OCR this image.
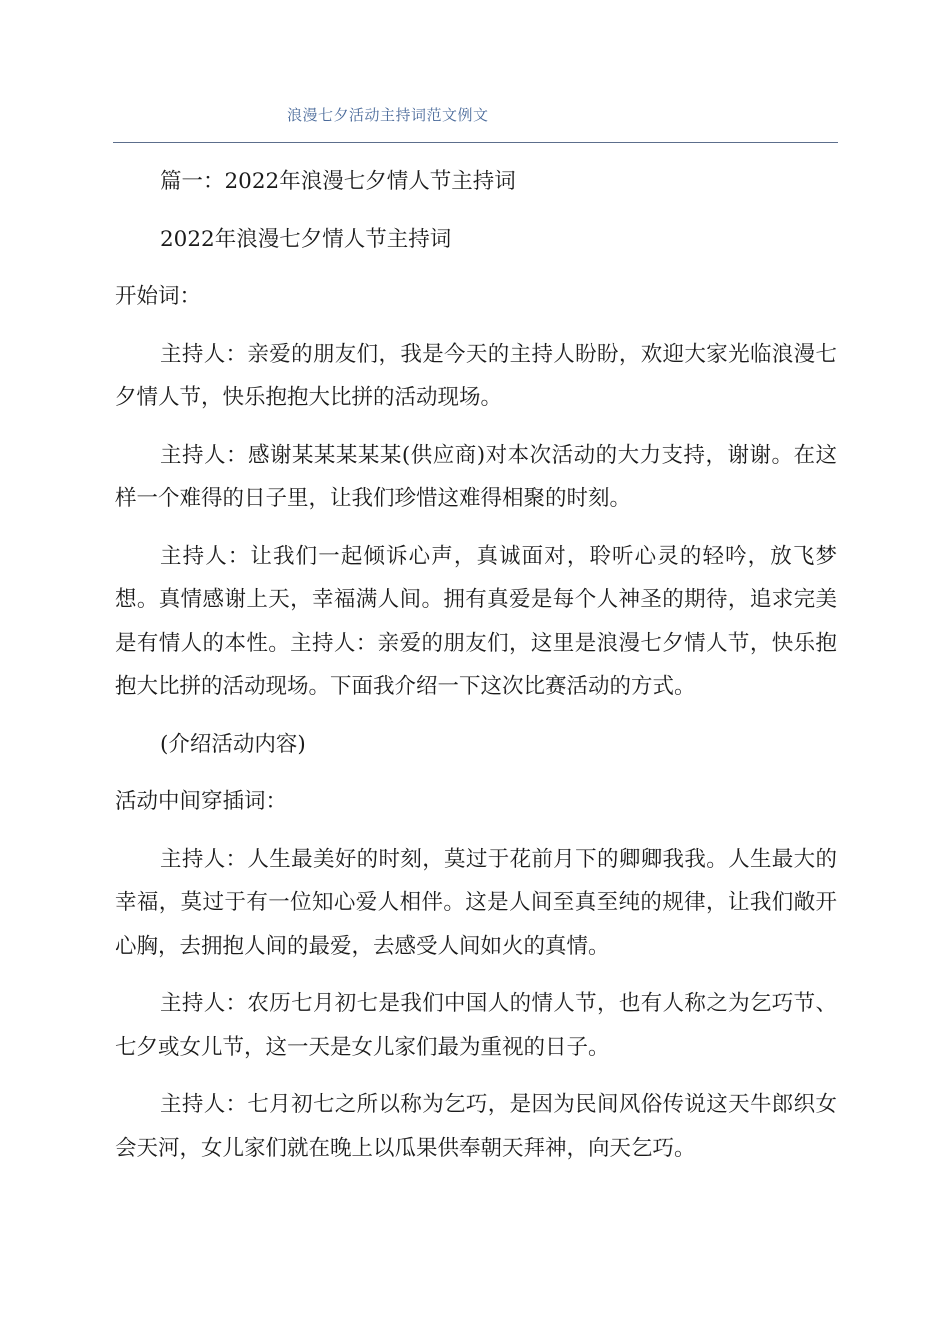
浪漫七夕活动主持词范文例文

篇一：2022年浪漫七夕情人节主持词

2022年浪漫七夕情人节主持词

开始词：

主持人：亲爱的朋友们，我是今天的主持人盼盼，欢迎大家光临浪漫七夕情人节，快乐抱抱大比拼的活动现场。

主持人：感谢某某某某某(供应商)对本次活动的大力支持，谢谢。在这样一个难得的日子里，让我们珍惜这难得相聚的时刻。

主持人：让我们一起倾诉心声，真诚面对，聆听心灵的轻吟，放飞梦想。真情感谢上天，幸福满人间。拥有真爱是每个人神圣的期待，追求完美是有情人的本性。主持人：亲爱的朋友们，这里是浪漫七夕情人节，快乐抱抱大比拼的活动现场。下面我介绍一下这次比赛活动的方式。

(介绍活动内容)

活动中间穿插词：

主持人：人生最美好的时刻，莫过于花前月下的卿卿我我。人生最大的幸福，莫过于有一位知心爱人相伴。这是人间至真至纯的规律，让我们敞开心胸，去拥抱人间的最爱，去感受人间如火的真情。

主持人：农历七月初七是我们中国人的情人节，也有人称之为乞巧节、七夕或女儿节，这一天是女儿家们最为重视的日子。

主持人：七月初七之所以称为乞巧，是因为民间风俗传说这天牛郎织女会天河，女儿家们就在晚上以瓜果供奉朝天拜神，向天乞巧。
